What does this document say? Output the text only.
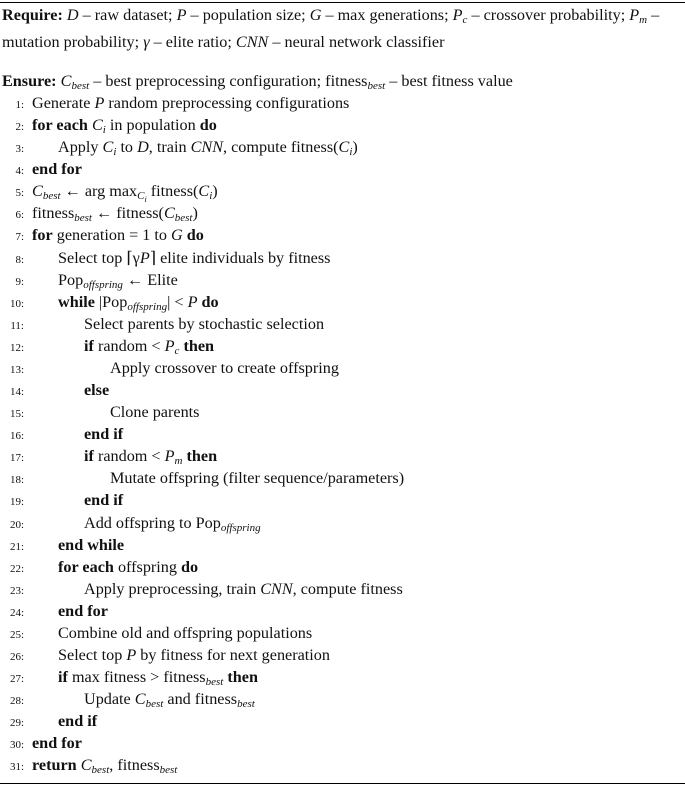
Require: D – raw dataset; P – population size; G – max generations; $P_c$ – crossover probability; $P_m$ – mutation probability; γ – elite ratio; CNN – neural network classifier
Ensure: $C_{best}$ – best preprocessing configuration; fitness$_{best}$ – best fitness value
1: Generate P random preprocessing configurations
2: for each $C_i$ in population do
3: Apply $C_i$ to D, train CNN, compute $fitness(C_i)$
4: end for
5: $C_{best}$ ← arg $\max_{C_i}$ $fitness(C_i)$
6: fitness$_{best}$ ← $fitness(C_{best})$
7: for generation = 1 to G do
8: Select top ⌈γP⌉ elite individuals by fitness
9: Pop$_{offspring}$ ← Elite
10: while |Pop$_{offspring}$| < P do
11:	Select parents by stochastic selection
12:	if random < $P_c$ then
13:	Apply crossover to create offspring
14:	else
15:	Clone parents
16:	end if
17:	if random < $P_m$ then
18:	Mutate offspring (filter sequence/parameters)
19:	end if
20:	Add offspring to Pop$_{offspring}$
21: end while
22: for each offspring do
23:	Apply preprocessing, train CNN, compute fitness
24: end for
25: Combine old and offspring populations
26: Select top P by fitness for next generation
27: if max fitness > fitness$_{best}$ then
28:	Update $C_{best}$ and fitness$_{best}$
29: end if
30: end for
31: return $C_{best}$, fitness$_{best}$
